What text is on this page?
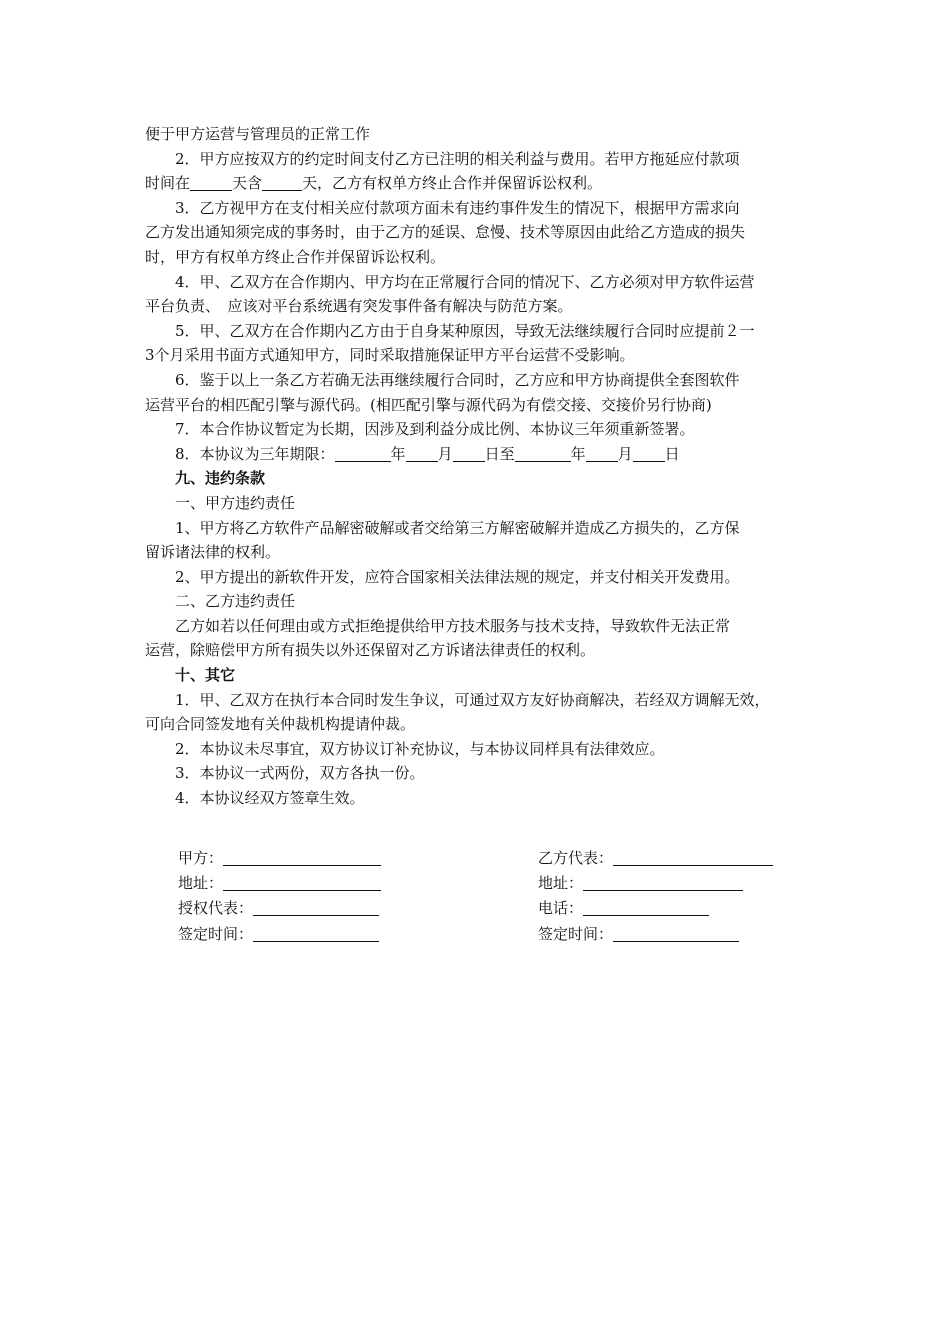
便于甲方运营与管理员的正常工作
2．甲方应按双方的约定时间支付乙方已注明的相关利益与费用。若甲方拖延应付款项
时间在	天含	天，乙方有权单方终止合作并保留诉讼权利。
3．乙方视甲方在支付相关应付款项方面未有违约事件发生的情况下，根据甲方需求向
乙方发出通知须完成的事务时，由于乙方的延误、怠慢、技术等原因由此给乙方造成的损失
时，甲方有权单方终止合作并保留诉讼权利。
4．甲、乙双方在合作期内、甲方均在正常履行合同的情况下、乙方必须对甲方软件运营
平台负责、　应该对平台系统遇有突发事件备有解决与防范方案。
5．甲、乙双方在合作期内乙方由于自身某种原因，导致无法继续履行合同时应提前２一
3个月采用书面方式通知甲方，同时采取措施保证甲方平台运营不受影响。
6．鉴于以上一条乙方若确无法再继续履行合同时，乙方应和甲方协商提供全套图软件
运营平台的相匹配引擎与源代码。(相匹配引擎与源代码为有偿交接、交接价另行协商)
7．本合作协议暂定为长期，因涉及到利益分成比例、本协议三年须重新签署。
8．本协议为三年期限：	年 月 日至	年 月 日
九、违约条款
一、甲方违约责任
1、甲方将乙方软件产品解密破解或者交给第三方解密破解并造成乙方损失的，乙方保
留诉诸法律的权利。
2、甲方提出的新软件开发，应符合国家相关法律法规的规定，并支付相关开发费用。
二、乙方违约责任
乙方如若以任何理由或方式拒绝提供给甲方技术服务与技术支持，导致软件无法正常
运营，除赔偿甲方所有损失以外还保留对乙方诉诸法律责任的权利。
十、其它
1．甲、乙双方在执行本合同时发生争议，可通过双方友好协商解决，若经双方调解无效，
可向合同签发地有关仲裁机构提请仲裁。
2．本协议未尽事宜，双方协议订补充协议，与本协议同样具有法律效应。
3．本协议一式两份，双方各执一份。
4．本协议经双方签章生效。
甲方：
地址：
授权代表：
签定时间：
乙方代表：
地址：
电话：
签定时间：
